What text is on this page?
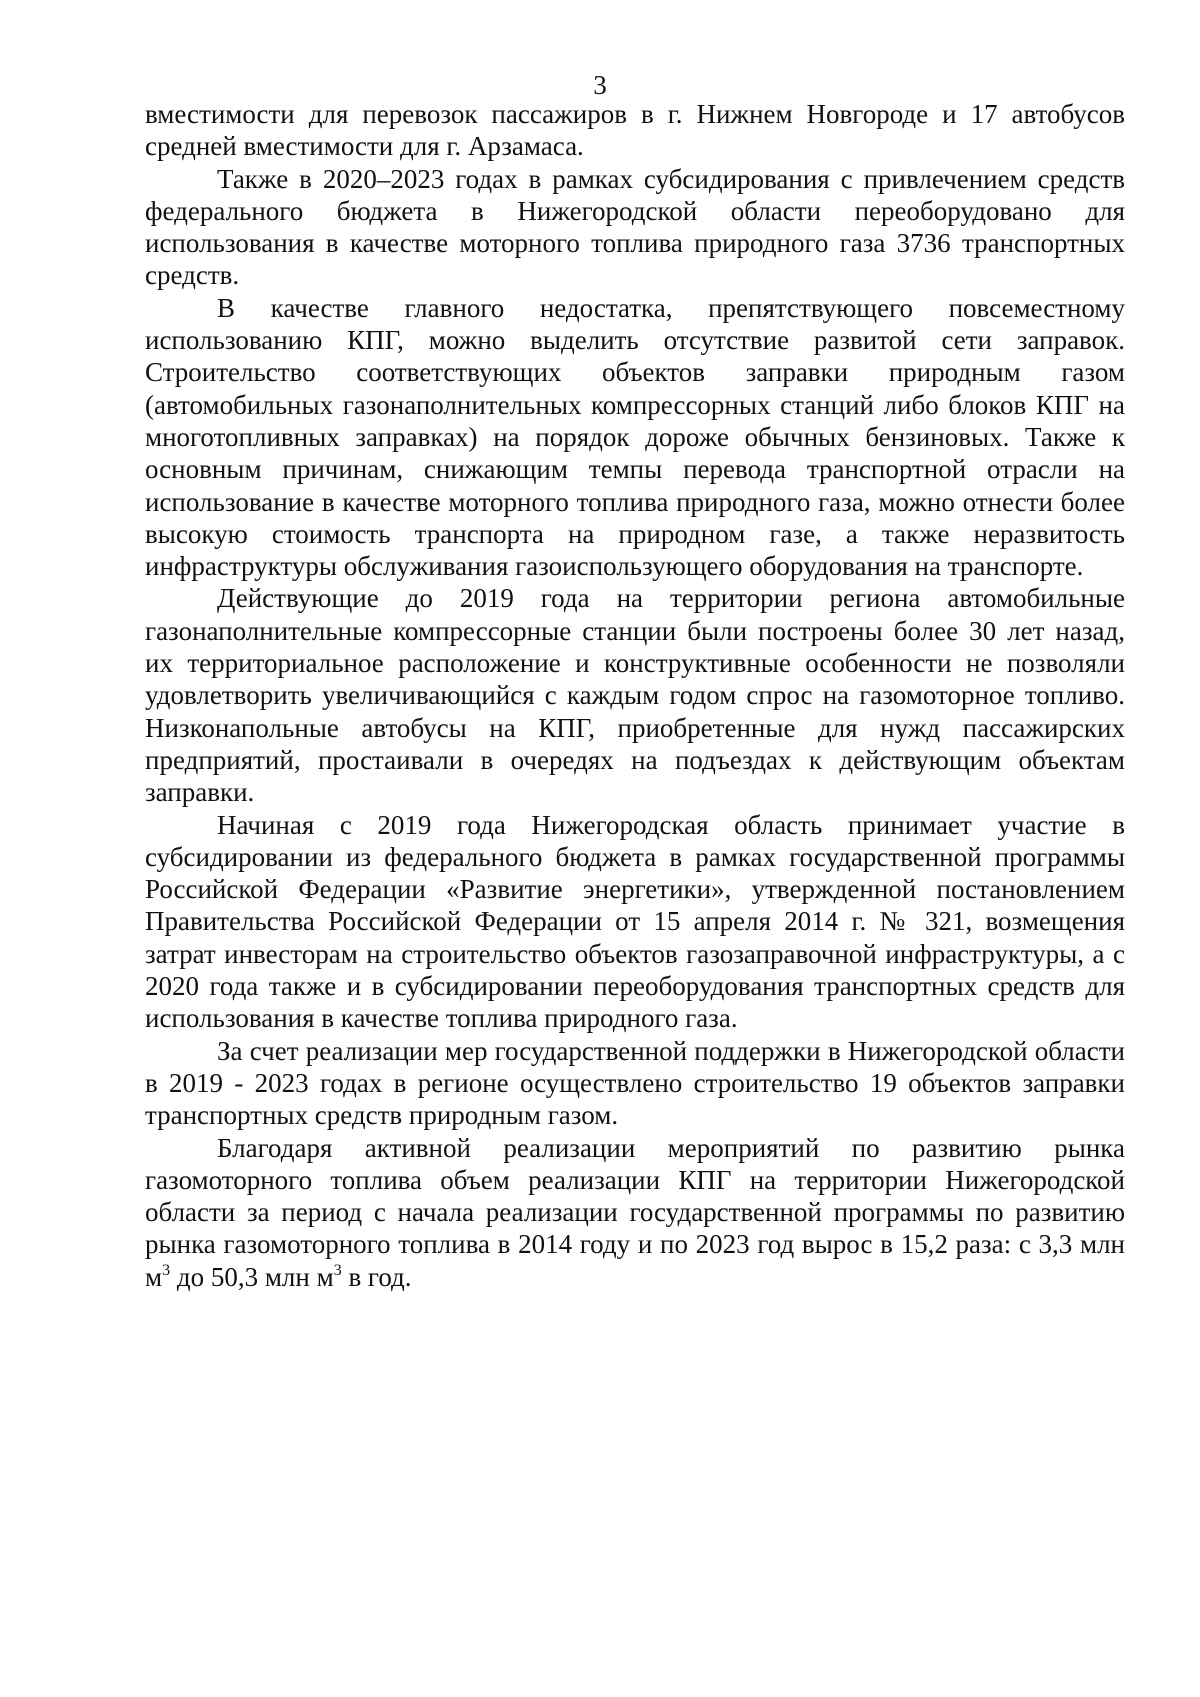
3

вместимости для перевозок пассажиров в г. Нижнем Новгороде и 17 автобусов средней вместимости для г. Арзамаса.

Также в 2020–2023 годах в рамках субсидирования с привлечением средств федерального бюджета в Нижегородской области переоборудовано для использования в качестве моторного топлива природного газа 3736 транспортных средств.

В качестве главного недостатка, препятствующего повсеместному использованию КПГ, можно выделить отсутствие развитой сети заправок. Строительство соответствующих объектов заправки природным газом (автомобильных газонаполнительных компрессорных станций либо блоков КПГ на многотопливных заправках) на порядок дороже обычных бензиновых. Также к основным причинам, снижающим темпы перевода транспортной отрасли на использование в качестве моторного топлива природного газа, можно отнести более высокую стоимость транспорта на природном газе, а также неразвитость инфраструктуры обслуживания газоиспользующего оборудования на транспорте.

Действующие до 2019 года на территории региона автомобильные газонаполнительные компрессорные станции были построены более 30 лет назад, их территориальное расположение и конструктивные особенности не позволяли удовлетворить увеличивающийся с каждым годом спрос на газомоторное топливо. Низконапольные автобусы на КПГ, приобретенные для нужд пассажирских предприятий, простаивали в очередях на подъездах к действующим объектам заправки.

Начиная с 2019 года Нижегородская область принимает участие в субсидировании из федерального бюджета в рамках государственной программы Российской Федерации «Развитие энергетики», утвержденной постановлением Правительства Российской Федерации от 15 апреля 2014 г. № 321, возмещения затрат инвесторам на строительство объектов газозаправочной инфраструктуры, а с 2020 года также и в субсидировании переоборудования транспортных средств для использования в качестве топлива природного газа.

За счет реализации мер государственной поддержки в Нижегородской области в 2019 - 2023 годах в регионе осуществлено строительство 19 объектов заправки транспортных средств природным газом.

Благодаря активной реализации мероприятий по развитию рынка газомоторного топлива объем реализации КПГ на территории Нижегородской области за период с начала реализации государственной программы по развитию рынка газомоторного топлива в 2014 году и по 2023 год вырос в 15,2 раза: с 3,3 млн $м^3$ до 50,3 млн $м^3$ в год.
